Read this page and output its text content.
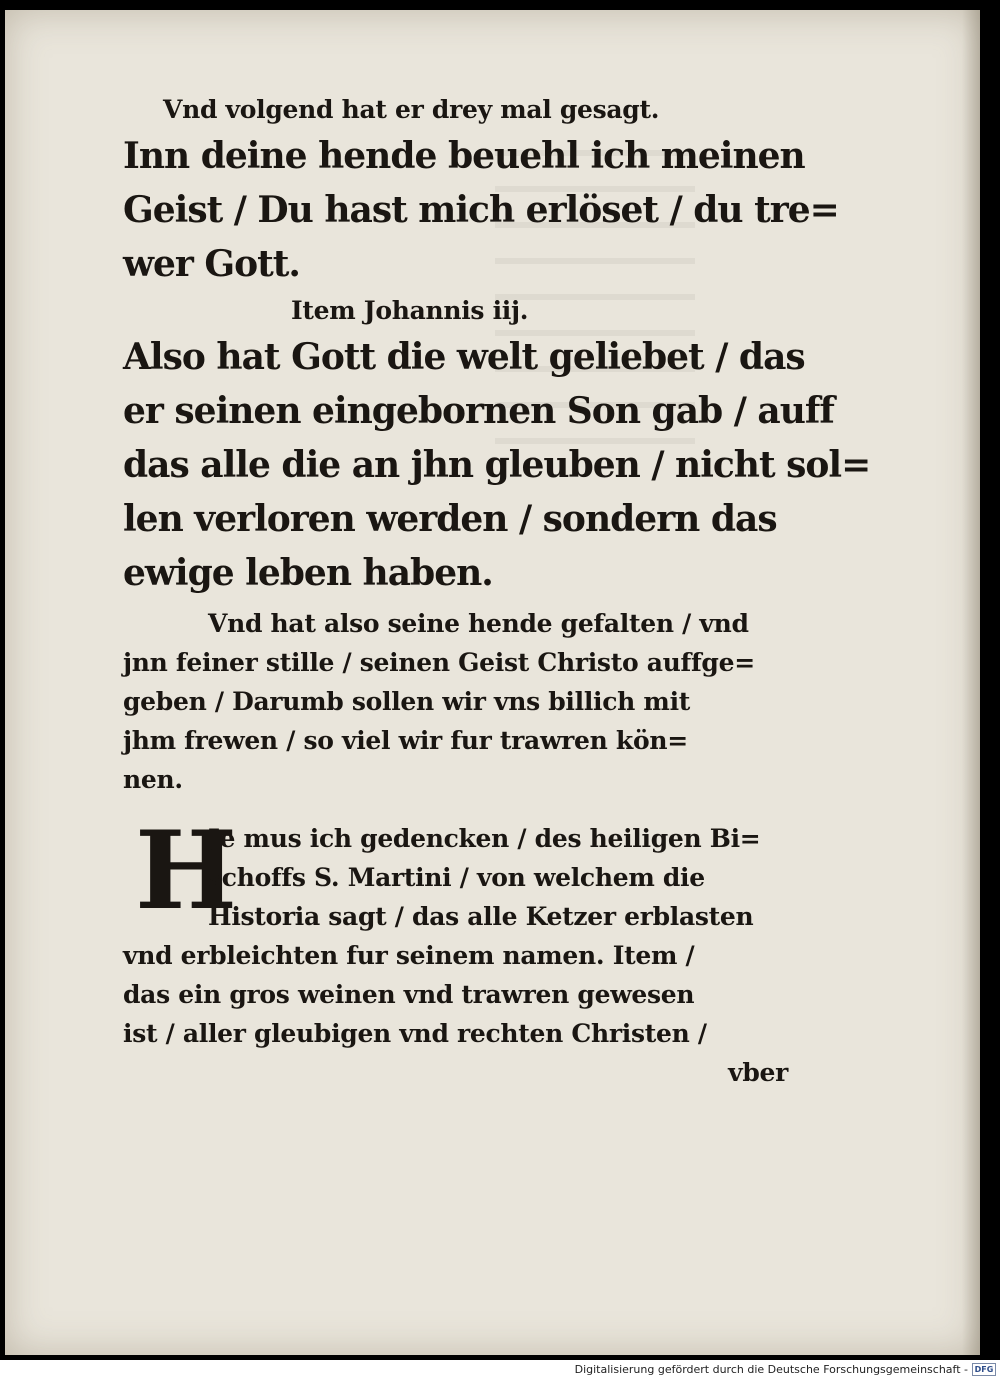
Vnd volgend hat er drey mal gesagt.
Inn deine hende beuehl ich meinen
Geist / Du hast mich erlöset / du tre=
wer Gott.
Item Johannis iij.
Also hat Gott die welt geliebet / das
er seinen eingebornen Son gab / auff
das alle die an jhn gleuben / nicht sol=
len verloren werden / sondern das
ewige leben haben.
Vnd hat also seine hende gefalten / vnd
jnn feiner stille / seinen Geist Christo auffge=
geben / Darumb sollen wir vns billich mit
jhm frewen / so viel wir fur trawren kön=
nen.
H
Je mus ich gedencken / des heiligen Bi=
schoffs S. Martini / von welchem die
Historia sagt / das alle Ketzer erblasten
vnd erbleichten fur seinem namen. Item /
das ein gros weinen vnd trawren gewesen
ist / aller gleubigen vnd rechten Christen /
vber
Digitalisierung gefördert durch die Deutsche Forschungsgemeinschaft - DFG
